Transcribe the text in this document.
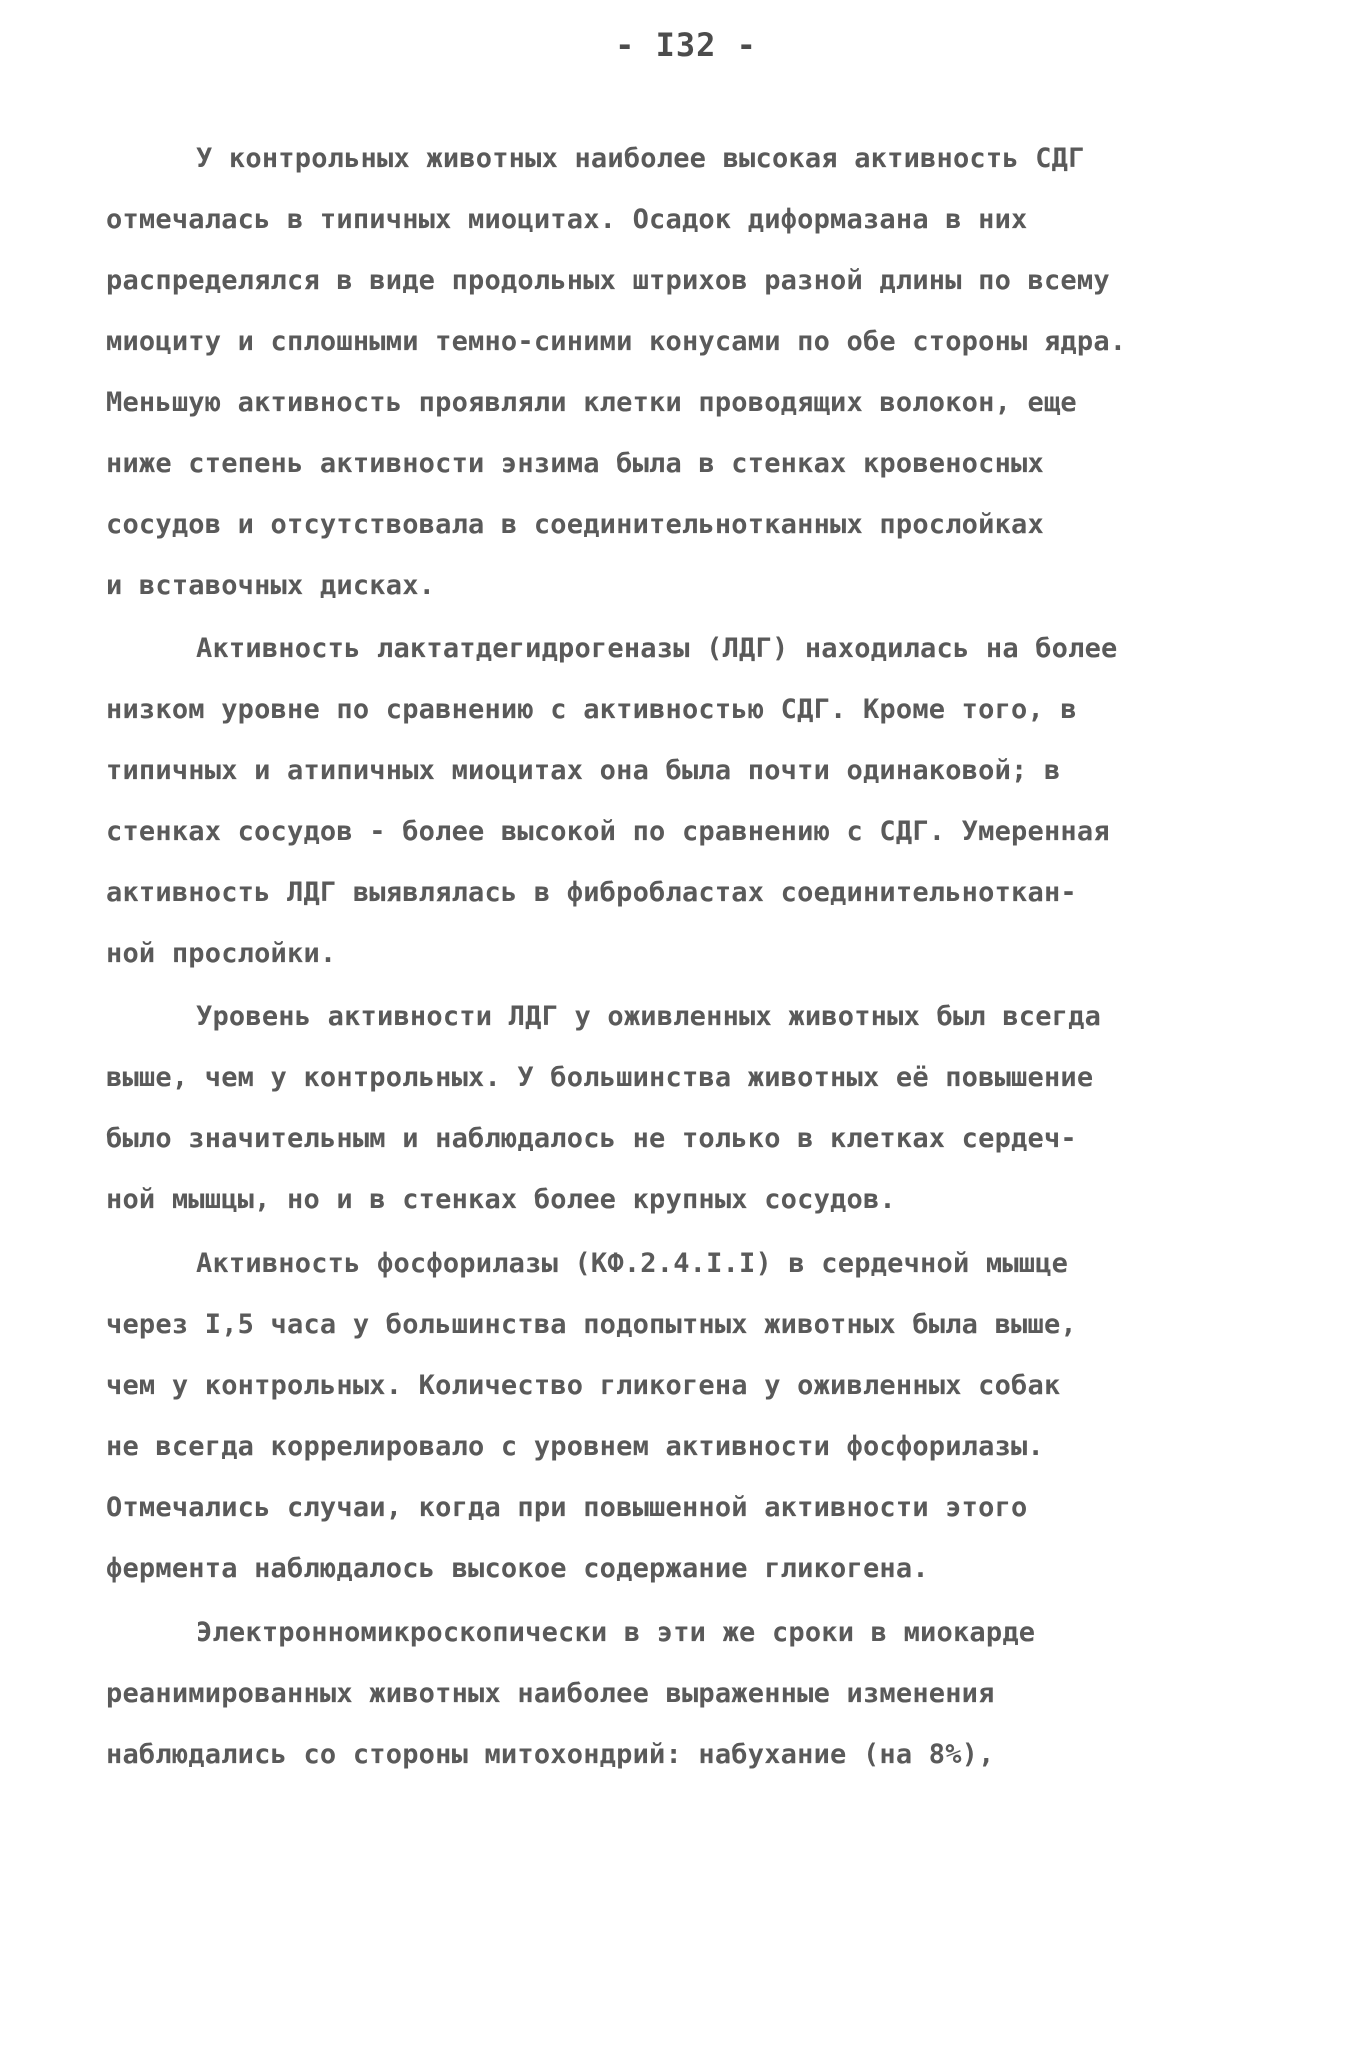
- I32 -
У контрольных животных наиболее высокая активность СДГ
отмечалась в типичных миоцитах. Осадок диформазана в них
распределялся в виде продольных штрихов разной длины по всему
миоциту и сплошными темно-синими конусами по обе стороны ядра.
Меньшую активность проявляли клетки проводящих волокон, еще
ниже степень активности энзима была в стенках кровеносных
сосудов и отсутствовала в соединительнотканных прослойках
и вставочных дисках.
Активность лактатдегидрогеназы (ЛДГ) находилась на более
низком уровне по сравнению с активностью СДГ. Кроме того, в
типичных и атипичных миоцитах она была почти одинаковой; в
стенках сосудов - более высокой по сравнению с СДГ. Умеренная
активность ЛДГ выявлялась в фибробластах соединительноткан-
ной прослойки.
Уровень активности ЛДГ у оживленных животных был всегда
выше, чем у контрольных. У большинства животных её повышение
было значительным и наблюдалось не только в клетках сердеч-
ной мышцы, но и в стенках более крупных сосудов.
Активность фосфорилазы (КФ.2.4.I.I) в сердечной мышце
через I,5 часа у большинства подопытных животных была выше,
чем у контрольных. Количество гликогена у оживленных собак
не всегда коррелировало с уровнем активности фосфорилазы.
Отмечались случаи, когда при повышенной активности этого
фермента наблюдалось высокое содержание гликогена.
Электронномикроскопически в эти же сроки в миокарде
реанимированных животных наиболее выраженные изменения
наблюдались со стороны митохондрий: набухание (на 8%),
